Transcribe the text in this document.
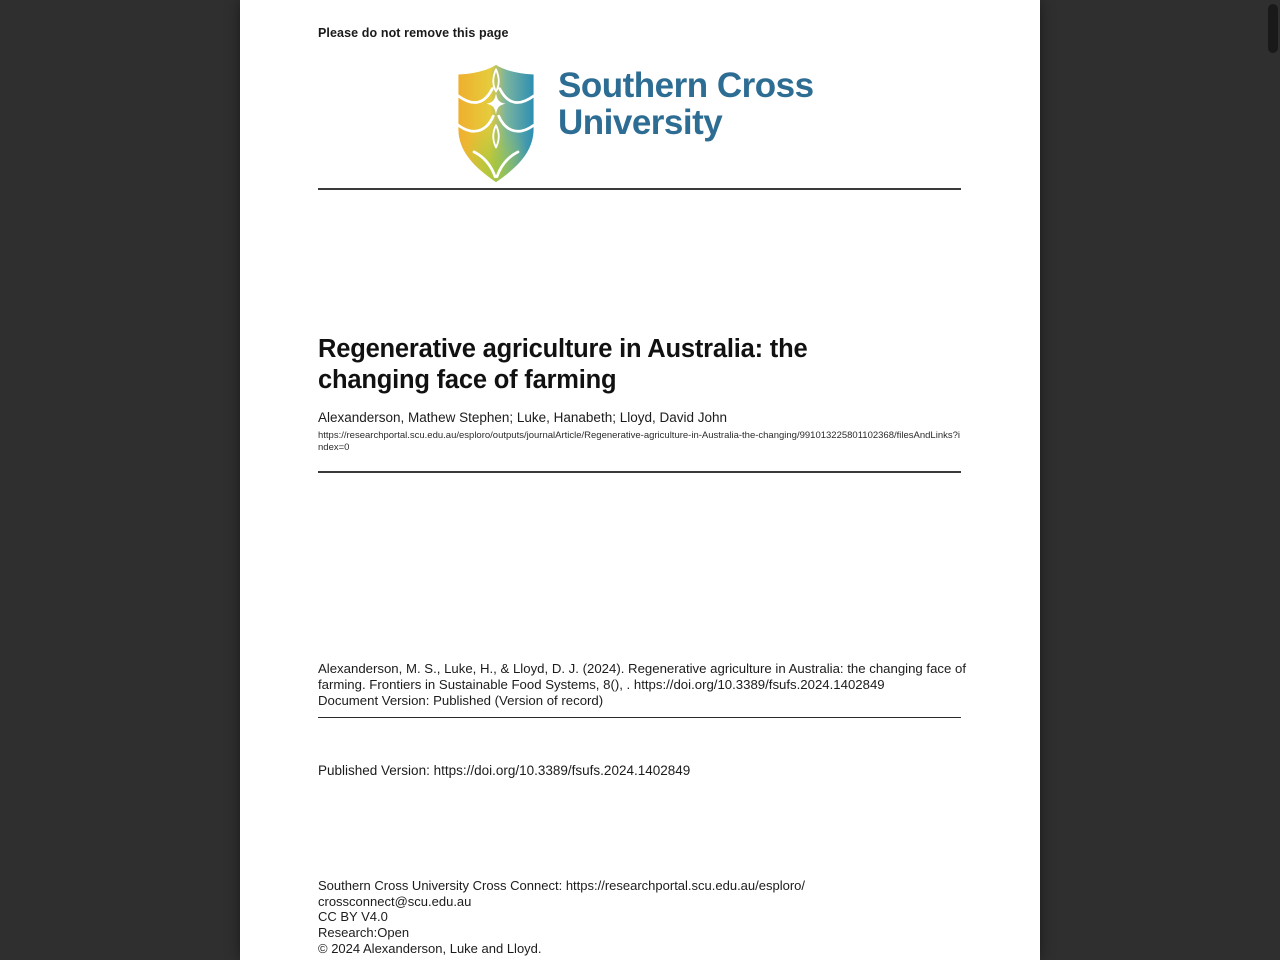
Please do not remove this page
Southern Cross
University
Regenerative agriculture in Australia: the
changing face of farming
Alexanderson, Mathew Stephen; Luke, Hanabeth; Lloyd, David John
https://researchportal.scu.edu.au/esploro/outputs/journalArticle/Regenerative-agriculture-in-Australia-the-changing/991013225801102368/filesAndLinks?index=0
Alexanderson, M. S., Luke, H., & Lloyd, D. J. (2024). Regenerative agriculture in Australia: the changing face of farming. Frontiers in Sustainable Food Systems, 8(), . https://doi.org/10.3389/fsufs.2024.1402849
Document Version: Published (Version of record)
Published Version: https://doi.org/10.3389/fsufs.2024.1402849
Southern Cross University Cross Connect: https://researchportal.scu.edu.au/esploro/
crossconnect@scu.edu.au
CC BY V4.0
Research:Open
© 2024 Alexanderson, Luke and Lloyd.
